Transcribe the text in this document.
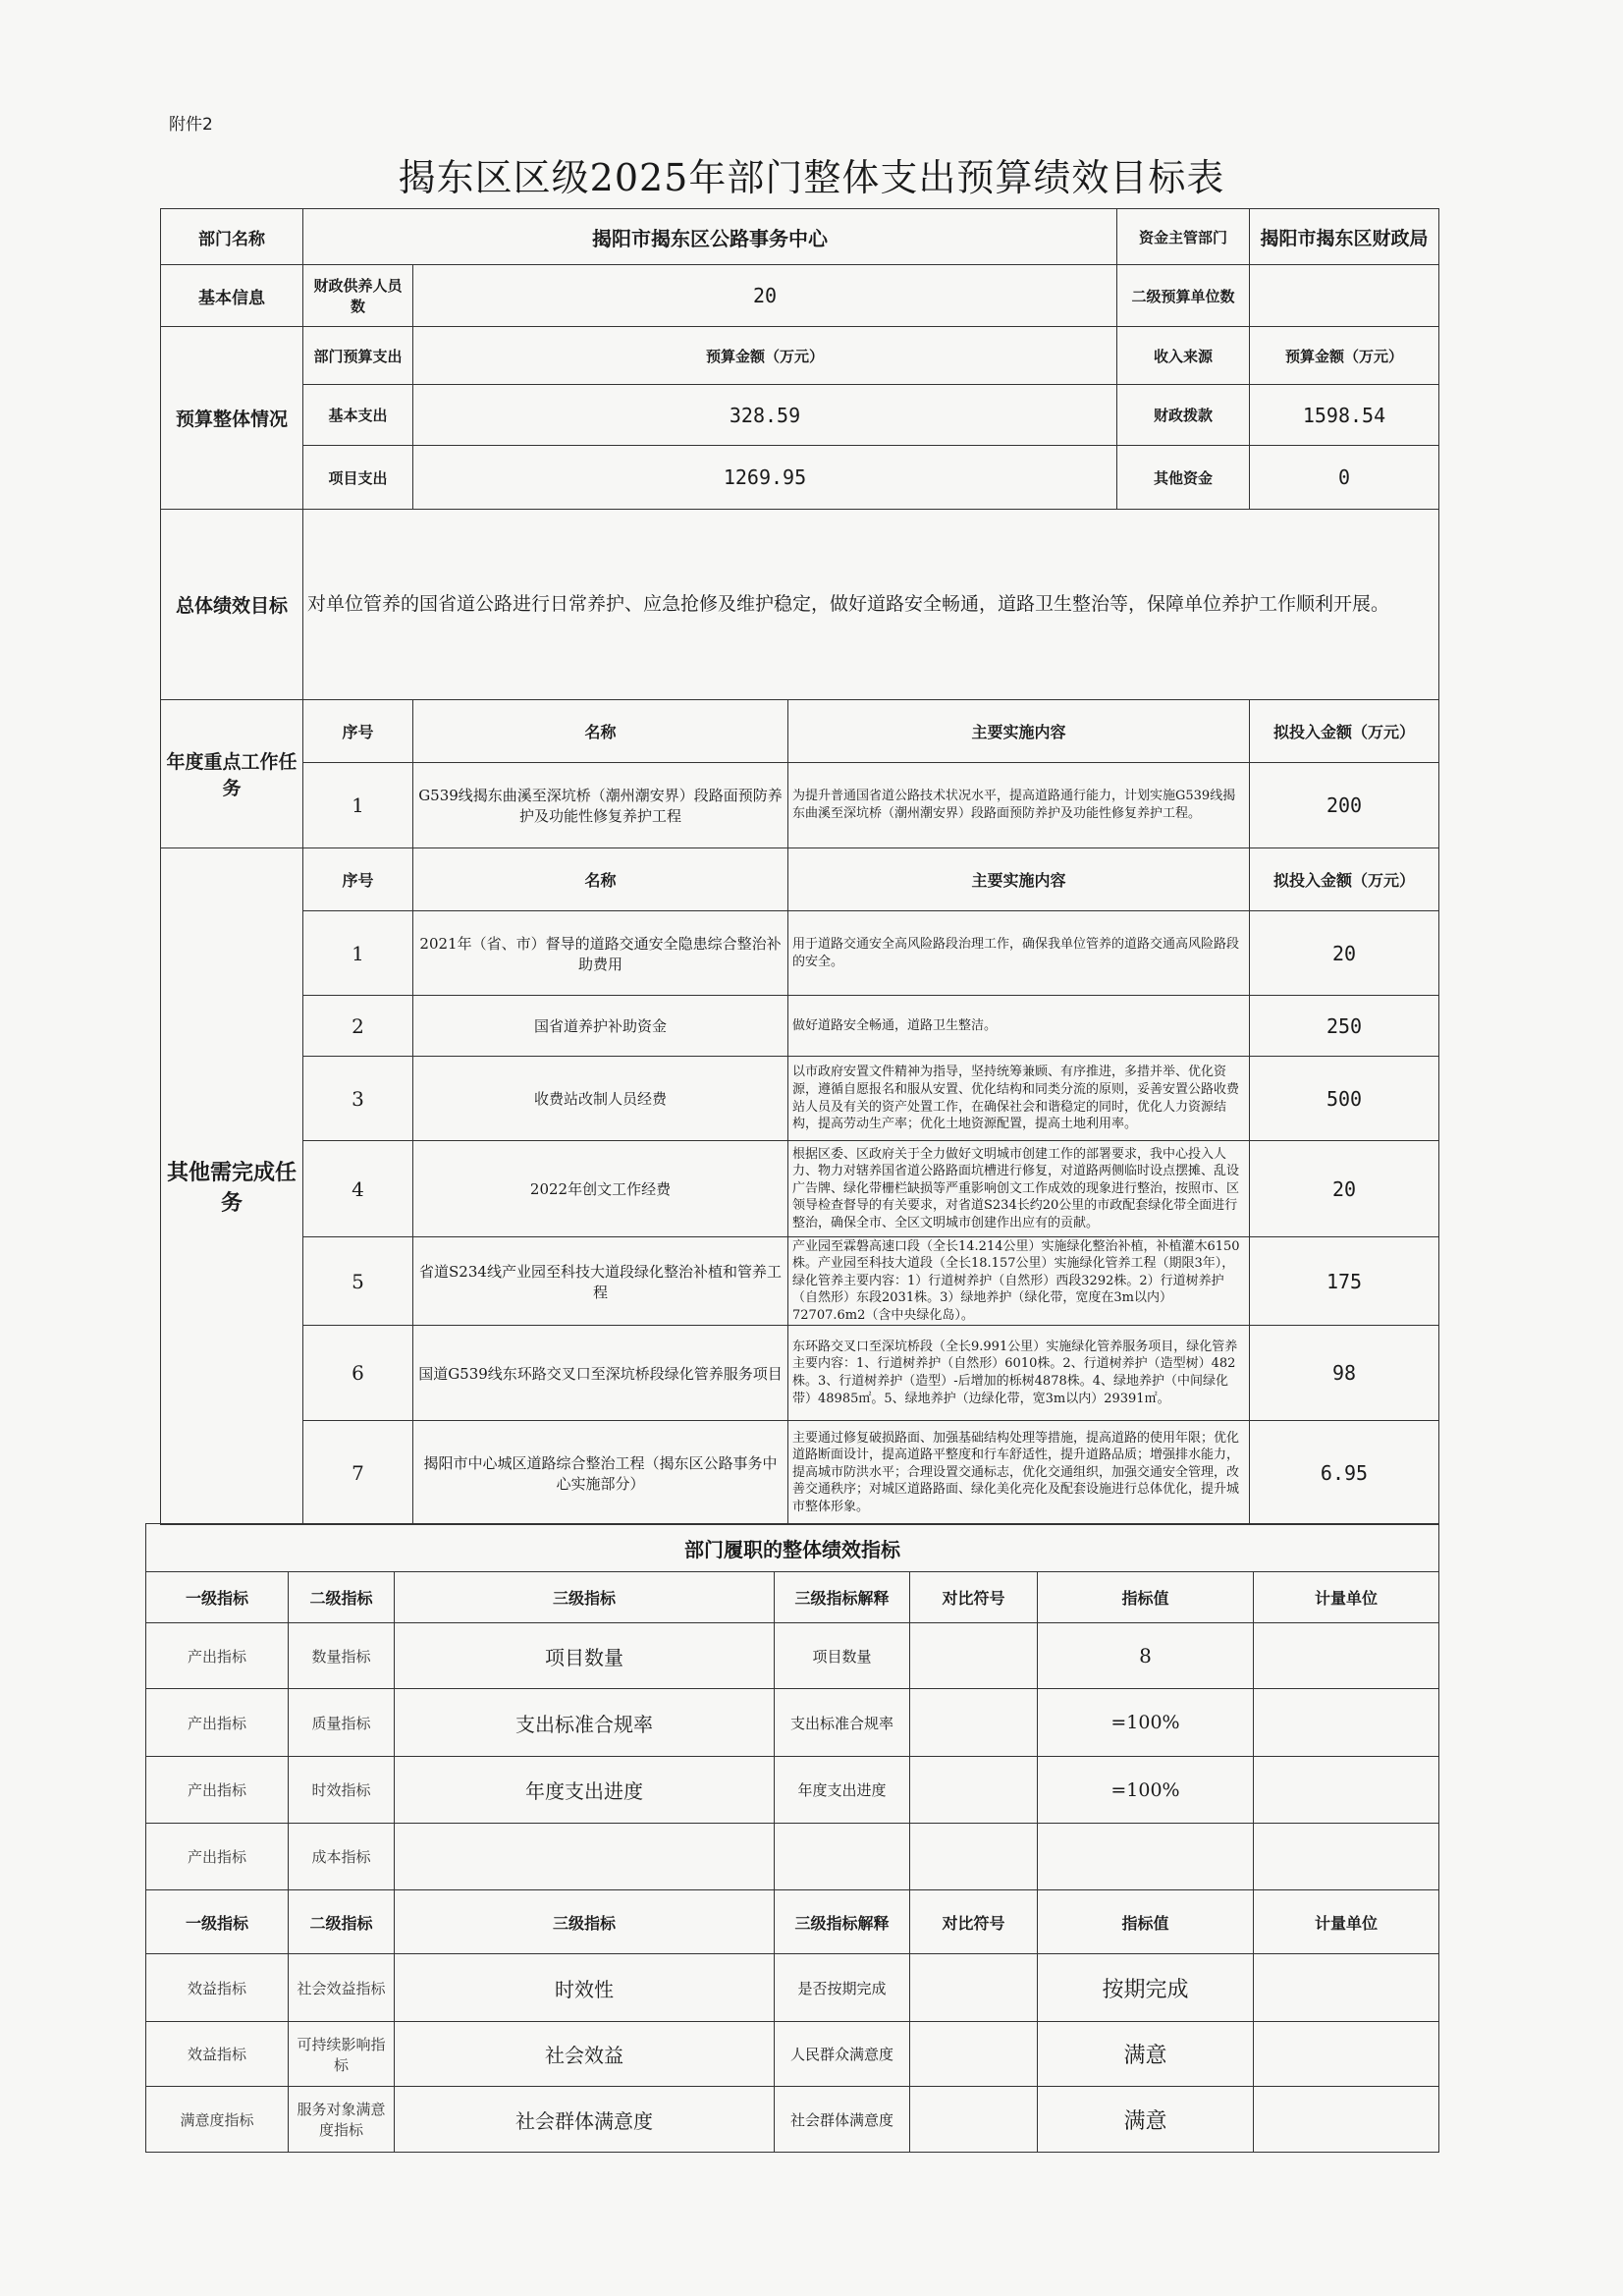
附件2
揭东区区级2025年部门整体支出预算绩效目标表
部门名称	揭阳市揭东区公路事务中心			资金主管部门	揭阳市揭东区财政局
基本信息	财政供养人员数	20		二级预算单位数	
预算整体情况	部门预算支出	预算金额（万元）		收入来源	预算金额（万元）
	基本支出	328.59		财政拨款	1598.54
	项目支出	1269.95		其他资金	0
总体绩效目标	对单位管养的国省道公路进行日常养护、应急抢修及维护稳定，做好道路安全畅通，道路卫生整治等，保障单位养护工作顺利开展。				
年度重点工作任务	序号	名称	主要实施内容		拟投入金额（万元）
	1	G539线揭东曲溪至深坑桥（潮州潮安界）段路面预防养护及功能性修复养护工程	为提升普通国省道公路技术状况水平，提高道路通行能力，计划实施G539线揭东曲溪至深坑桥（潮州潮安界）段路面预防养护及功能性修复养护工程。		200
其他需完成任务	序号	名称	主要实施内容		拟投入金额（万元）
	1	2021年（省、市）督导的道路交通安全隐患综合整治补助费用	用于道路交通安全高风险路段治理工作，确保我单位管养的道路交通高风险路段的安全。		20
	2	国省道养护补助资金	做好道路安全畅通，道路卫生整洁。		250
	3	收费站改制人员经费	以市政府安置文件精神为指导，坚持统筹兼顾、有序推进，多措并举、优化资源，遵循自愿报名和服从安置、优化结构和同类分流的原则，妥善安置公路收费站人员及有关的资产处置工作，在确保社会和谐稳定的同时，优化人力资源结构，提高劳动生产率；优化土地资源配置，提高土地利用率。		500
	4	2022年创文工作经费	根据区委、区政府关于全力做好文明城市创建工作的部署要求，我中心投入人力、物力对辖养国省道公路路面坑槽进行修复，对道路两侧临时设点摆摊、乱设广告牌、绿化带栅栏缺损等严重影响创文工作成效的现象进行整治，按照市、区领导检查督导的有关要求，对省道S234长约20公里的市政配套绿化带全面进行整治，确保全市、全区文明城市创建作出应有的贡献。		20
	5	省道S234线产业园至科技大道段绿化整治补植和管养工程	产业园至霖磐高速口段（全长14.214公里）实施绿化整治补植，补植灌木6150株。产业园至科技大道段（全长18.157公里）实施绿化管养工程（期限3年），绿化管养主要内容：1）行道树养护（自然形）西段3292株。2）行道树养护（自然形）东段2031株。3）绿地养护（绿化带，宽度在3m以内）72707.6m2（含中央绿化岛）。		175
	6	国道G539线东环路交叉口至深坑桥段绿化管养服务项目	东环路交叉口至深坑桥段（全长9.991公里）实施绿化管养服务项目，绿化管养主要内容：1、行道树养护（自然形）6010株。2、行道树养护（造型树）482株。3、行道树养护（造型）-后增加的栎树4878株。4、绿地养护（中间绿化带）48985㎡。5、绿地养护（边绿化带，宽3m以内）29391㎡。		98
	7	揭阳市中心城区道路综合整治工程（揭东区公路事务中心实施部分）	主要通过修复破损路面、加强基础结构处理等措施，提高道路的使用年限；优化道路断面设计，提高道路平整度和行车舒适性，提升道路品质；增强排水能力，提高城市防洪水平；合理设置交通标志，优化交通组织，加强交通安全管理，改善交通秩序；对城区道路路面、绿化美化亮化及配套设施进行总体优化，提升城市整体形象。		6.95
部门履职的整体绩效指标						
一级指标	二级指标	三级指标	三级指标解释	对比符号	指标值	计量单位
产出指标	数量指标	项目数量	项目数量		8	
产出指标	质量指标	支出标准合规率	支出标准合规率		=100%	
产出指标	时效指标	年度支出进度	年度支出进度		=100%	
产出指标	成本指标					
一级指标	二级指标	三级指标	三级指标解释	对比符号	指标值	计量单位
效益指标	社会效益指标	时效性	是否按期完成		按期完成	
效益指标	可持续影响指标	社会效益	人民群众满意度		满意	
满意度指标	服务对象满意度指标	社会群体满意度	社会群体满意度		满意	
